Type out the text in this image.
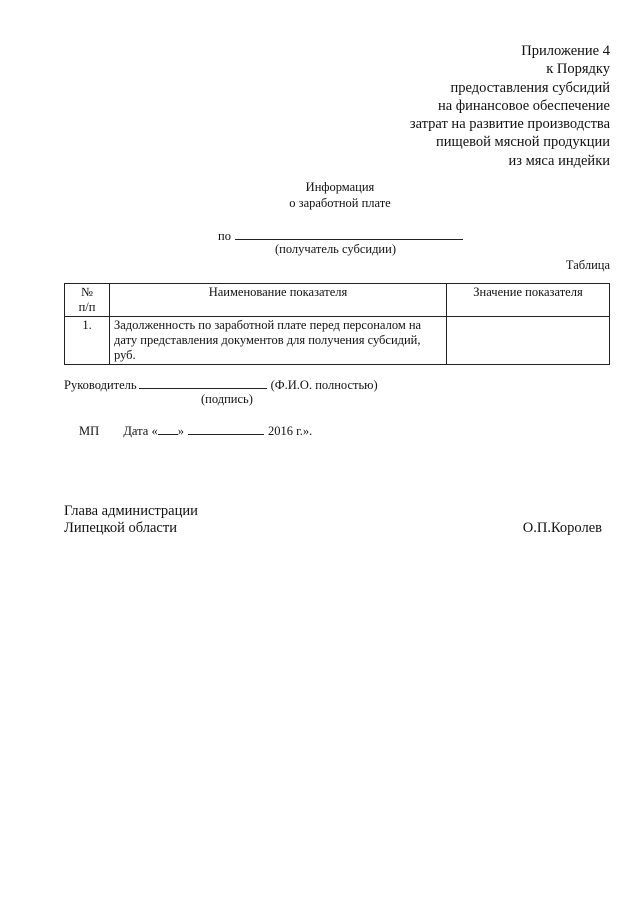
Приложение 4
к Порядку
предоставления субсидий
на финансовое обеспечение
затрат на развитие производства
пищевой мясной продукции
из мяса индейки
Информация
о заработной плате
по
(получатель субсидии)
Таблица
№
п/п	Наименование показателя	Значение показателя
1.	Задолженность по заработной плате перед персоналом на дату представления документов для получения субсидий, руб.	
Руководитель	(Ф.И.О. полностью)
(подпись)
МП Дата « »	2016 г.».
Глава администрации
Липецкой области	О.П.Королев
